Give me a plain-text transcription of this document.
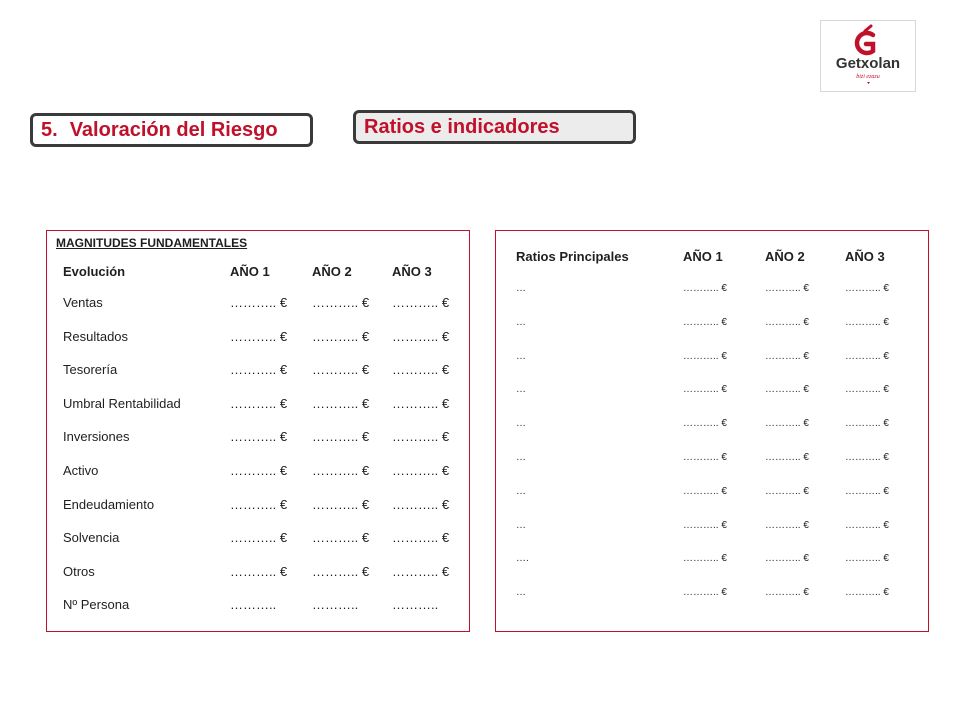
Getxolan
bizi ezazu
5. Valoración del Riesgo	Ratios e indicadores
MAGNITUDES FUNDAMENTALES
Evolución	AÑO 1	AÑO 2	AÑO 3
Ventas	……….. € ……….. € ……….. €
Resultados	……….. € ……….. € ……….. €
Tesorería	……….. € ……….. € ……….. €
Umbral Rentabilidad	……….. € ……….. € ……….. €
Inversiones	……….. € ……….. € ……….. €
Activo	……….. € ……….. € ……….. €
Endeudamiento	……….. € ……….. € ……….. €
Solvencia	……….. € ……….. € ……….. €
Otros	……….. € ……….. € ……….. €
Nº Persona	………..	………..	………..
Ratios Principales	AÑO 1	AÑO 2	AÑO 3
…	……….. €	……….. €	……….. €
…	……….. €	……….. €	……….. €
…	……….. €	……….. €	……….. €
…	……….. €	……….. €	……….. €
…	……….. €	……….. €	……….. €
…	……….. €	……….. €	……….. €
…	……….. €	……….. €	……….. €
…	……….. €	……….. €	……….. €
….	……….. €	……….. €	……….. €
…	……….. €	……….. €	……….. €
